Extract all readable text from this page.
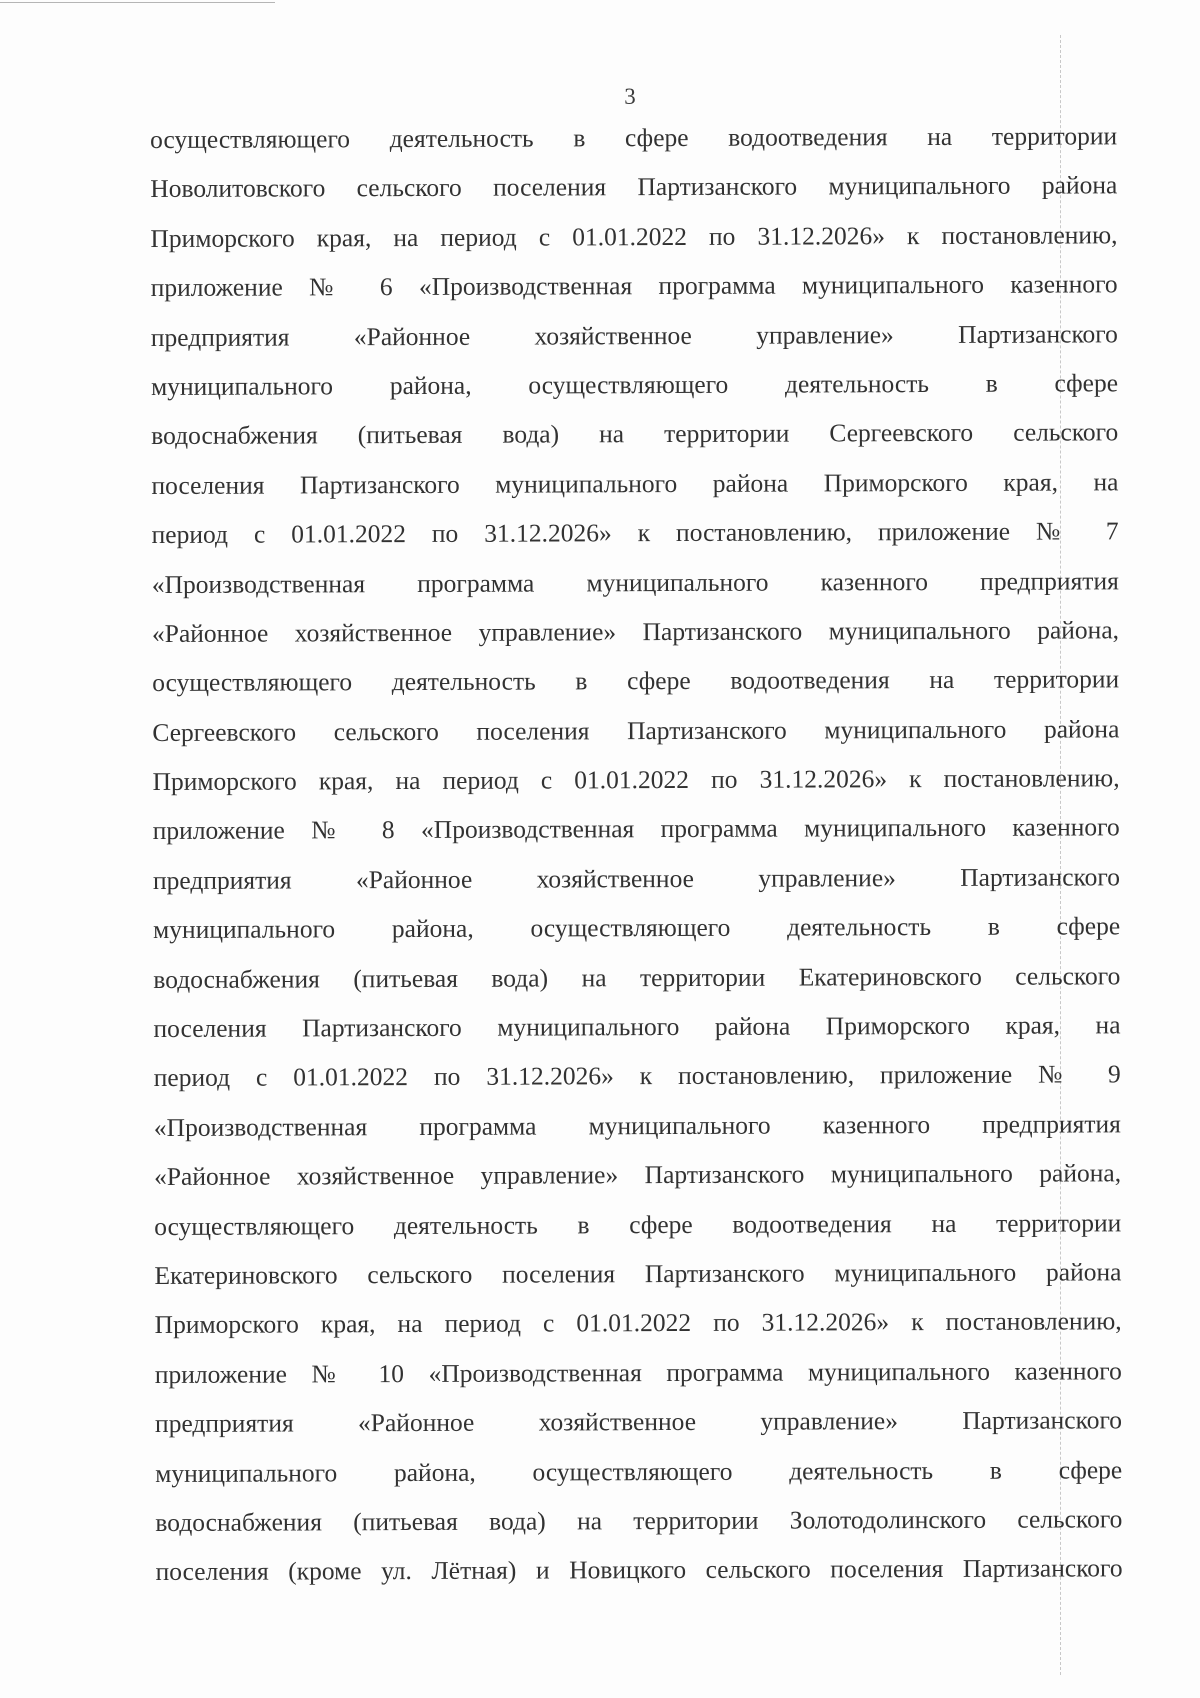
3
осуществляющего деятельность в сфере водоотведения на территории
Новолитовского сельского поселения Партизанского муниципального района
Приморского края, на период с 01.01.2022 по 31.12.2026» к постановлению,
приложение № 6 «Производственная программа муниципального казенного
предприятия «Районное хозяйственное управление» Партизанского
муниципального района, осуществляющего деятельность в сфере
водоснабжения (питьевая вода) на территории Сергеевского сельского
поселения Партизанского муниципального района Приморского края, на
период с 01.01.2022 по 31.12.2026» к постановлению, приложение № 7
«Производственная программа муниципального казенного предприятия
«Районное хозяйственное управление» Партизанского муниципального района,
осуществляющего деятельность в сфере водоотведения на территории
Сергеевского сельского поселения Партизанского муниципального района
Приморского края, на период с 01.01.2022 по 31.12.2026» к постановлению,
приложение № 8 «Производственная программа муниципального казенного
предприятия «Районное хозяйственное управление» Партизанского
муниципального района, осуществляющего деятельность в сфере
водоснабжения (питьевая вода) на территории Екатериновского сельского
поселения Партизанского муниципального района Приморского края, на
период с 01.01.2022 по 31.12.2026» к постановлению, приложение № 9
«Производственная программа муниципального казенного предприятия
«Районное хозяйственное управление» Партизанского муниципального района,
осуществляющего деятельность в сфере водоотведения на территории
Екатериновского сельского поселения Партизанского муниципального района
Приморского края, на период с 01.01.2022 по 31.12.2026» к постановлению,
приложение № 10 «Производственная программа муниципального казенного
предприятия «Районное хозяйственное управление» Партизанского
муниципального района, осуществляющего деятельность в сфере
водоснабжения (питьевая вода) на территории Золотодолинского сельского
поселения (кроме ул. Лётная) и Новицкого сельского поселения Партизанского
